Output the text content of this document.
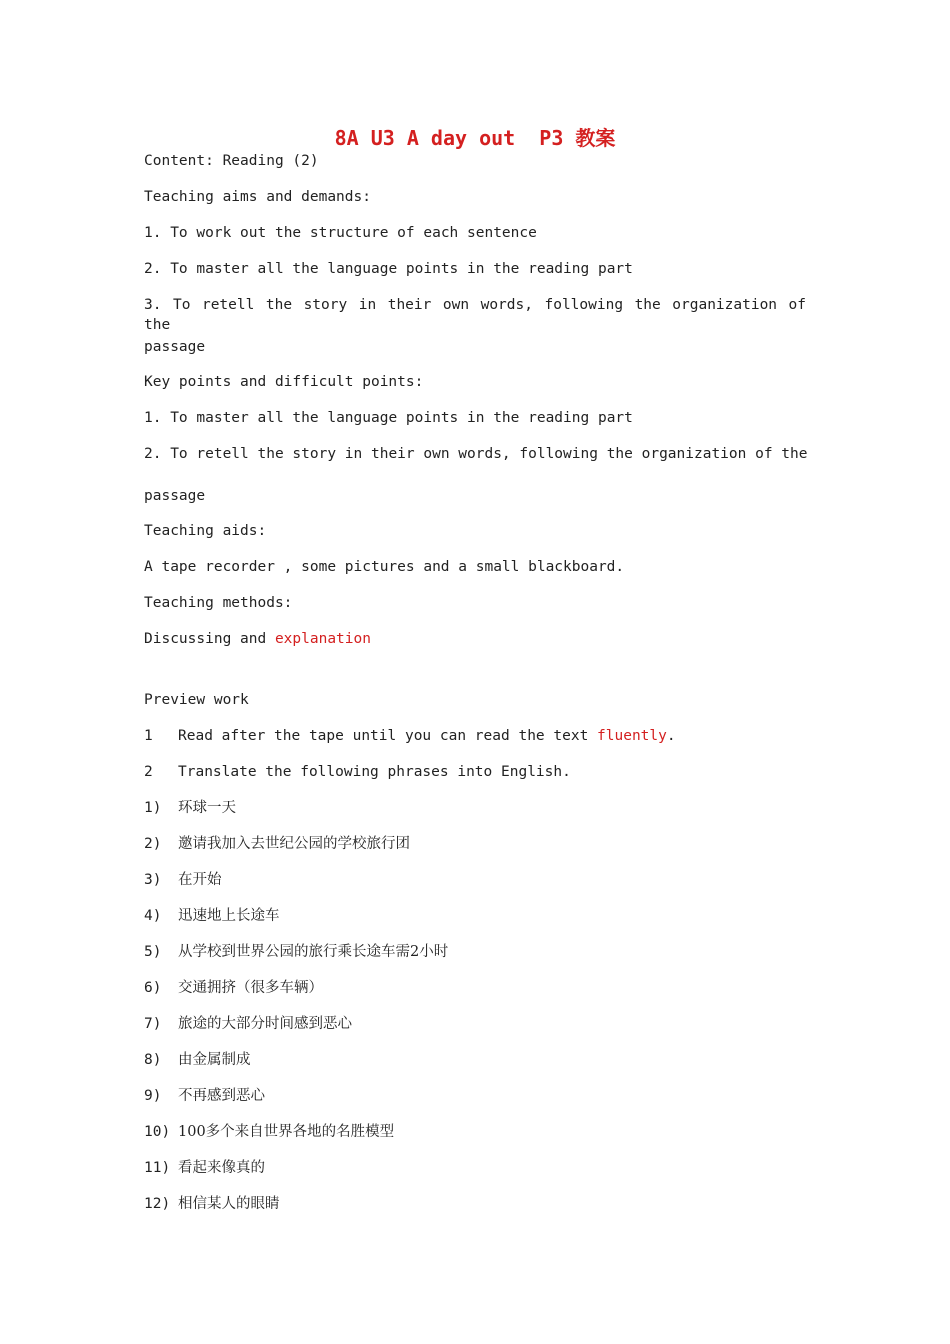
8A U3 A day out  P3 教案
Content: Reading (2)
Teaching aims and demands:
1. To work out the structure of each sentence
2. To master all the language points in the reading part
3. To retell the story in their own words, following the organization of the
passage
Key points and difficult points:
1. To master all the language points in the reading part
2. To retell the story in their own words, following the organization of the
passage
Teaching aids:
A tape recorder , some pictures and a small blackboard.
Teaching methods:
Discussing and explanation
Preview work
1 Read after the tape until you can read the text fluently.
2 Translate the following phrases into English.
1) 环球一天
2) 邀请我加入去世纪公园的学校旅行团
3) 在开始
4) 迅速地上长途车
5) 从学校到世界公园的旅行乘长途车需2小时
6) 交通拥挤（很多车辆）
7) 旅途的大部分时间感到恶心
8) 由金属制成
9) 不再感到恶心
10) 100多个来自世界各地的名胜模型
11) 看起来像真的
12) 相信某人的眼睛
